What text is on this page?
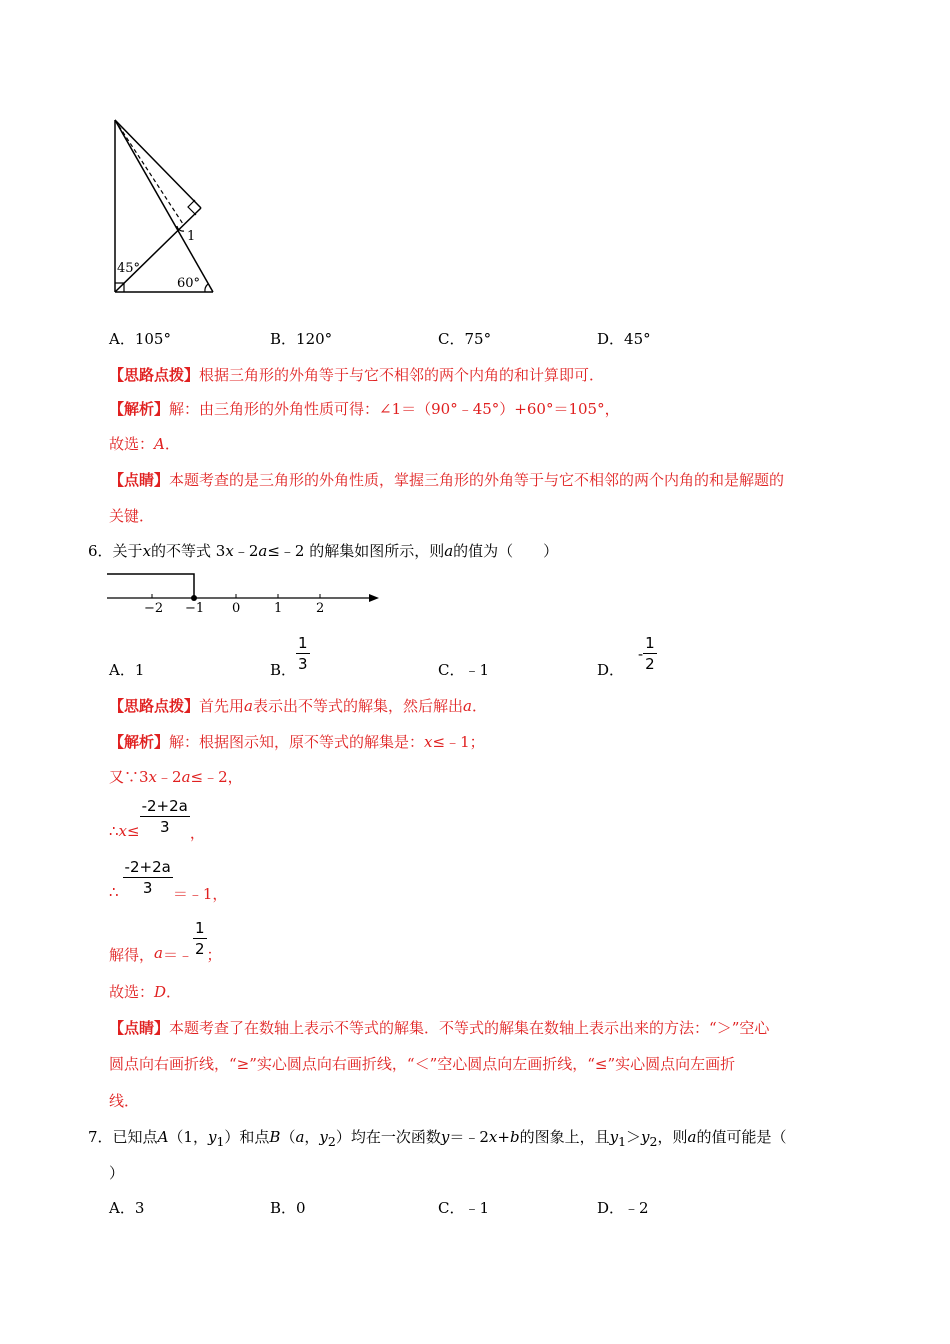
45°
60°
1
A．105°	B．120°	C．75°	D．45°
【思路点拨】根据三角形的外角等于与它不相邻的两个内角的和计算即可．
【解析】解：由三角形的外角性质可得：∠1＝（90°﹣45°）+60°＝105°，
故选：A．
【点睛】本题考查的是三角形的外角性质，掌握三角形的外角等于与它不相邻的两个内角的和是解题的
关键．
6．关于x的不等式 3x﹣2a≤﹣2 的解集如图所示，则a的值为（　　）
−2 −1 0	1	2
A．1	B． $\frac{1}{3}$	C．﹣1	D．- $\frac{1}{2}$
【思路点拨】首先用a表示出不等式的解集，然后解出a．
【解析】解：根据图示知，原不等式的解集是：x≤﹣1；
又∵3x﹣2a≤﹣2，
∴x≤ $\frac{-2+2a}{3}$ ，
∴ $\frac{-2+2a}{3}$ ＝﹣1，
解得，a＝﹣ $\frac{1}{2}$ ；
故选：D．
【点睛】本题考查了在数轴上表示不等式的解集．不等式的解集在数轴上表示出来的方法：“＞”空心
圆点向右画折线，“≥”实心圆点向右画折线，“＜”空心圆点向左画折线，“≤”实心圆点向左画折
线．
7．已知点A（1，$y_1$）和点B（a，$y_2$）均在一次函数y＝﹣2x+b的图象上，且$y_1>y_2$，则a的值可能是（
）
A．3	B．0	C．﹣1	D．﹣2
